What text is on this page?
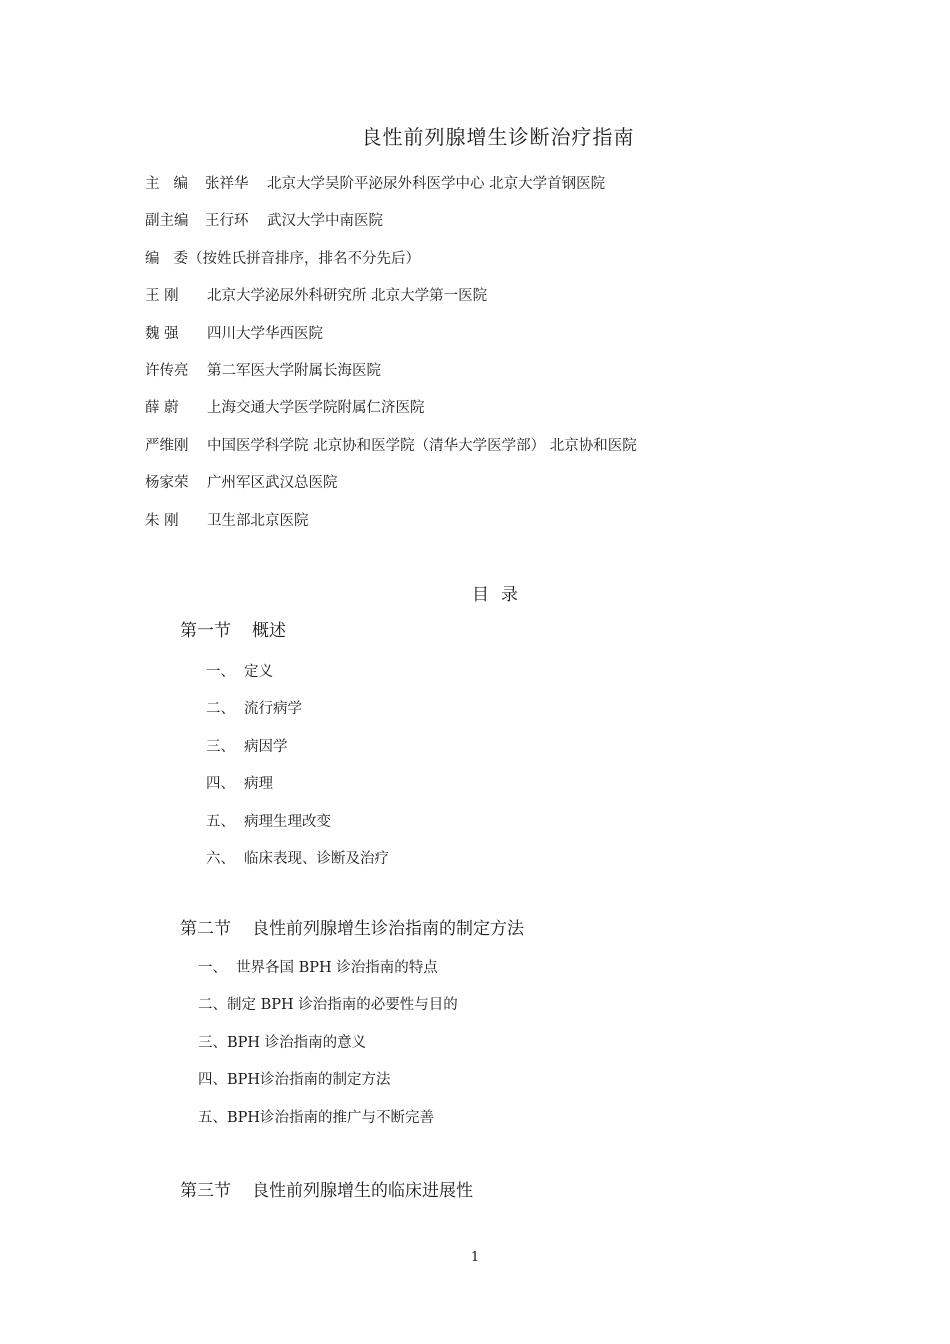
良性前列腺增生诊断治疗指南
主编 张祥华	北京大学吴阶平泌尿外科医学中心 北京大学首钢医院
副主编	王行环	武汉大学中南医院
编委
（按姓氏拼音排序，排名不分先后）
王 刚	北京大学泌尿外科研究所 北京大学第一医院
魏 强	四川大学华西医院
许传亮	第二军医大学附属长海医院
薛 蔚	上海交通大学医学院附属仁济医院
严维刚	中国医学科学院 北京协和医学院（清华大学医学部） 北京协和医院
杨家荣	广州军区武汉总医院
朱 刚	卫生部北京医院
目录
第一节 概述
一、 定义
二、 流行病学
三、 病因学
四、 病理
五、 病理生理改变
六、 临床表现、诊断及治疗
第二节 良性前列腺增生诊治指南的制定方法
一、 世界各国 BPH 诊治指南的特点
二、制定 BPH 诊治指南的必要性与目的
三、BPH 诊治指南的意义
四、BPH诊治指南的制定方法
五、BPH诊治指南的推广与不断完善
第三节 良性前列腺增生的临床进展性
1
